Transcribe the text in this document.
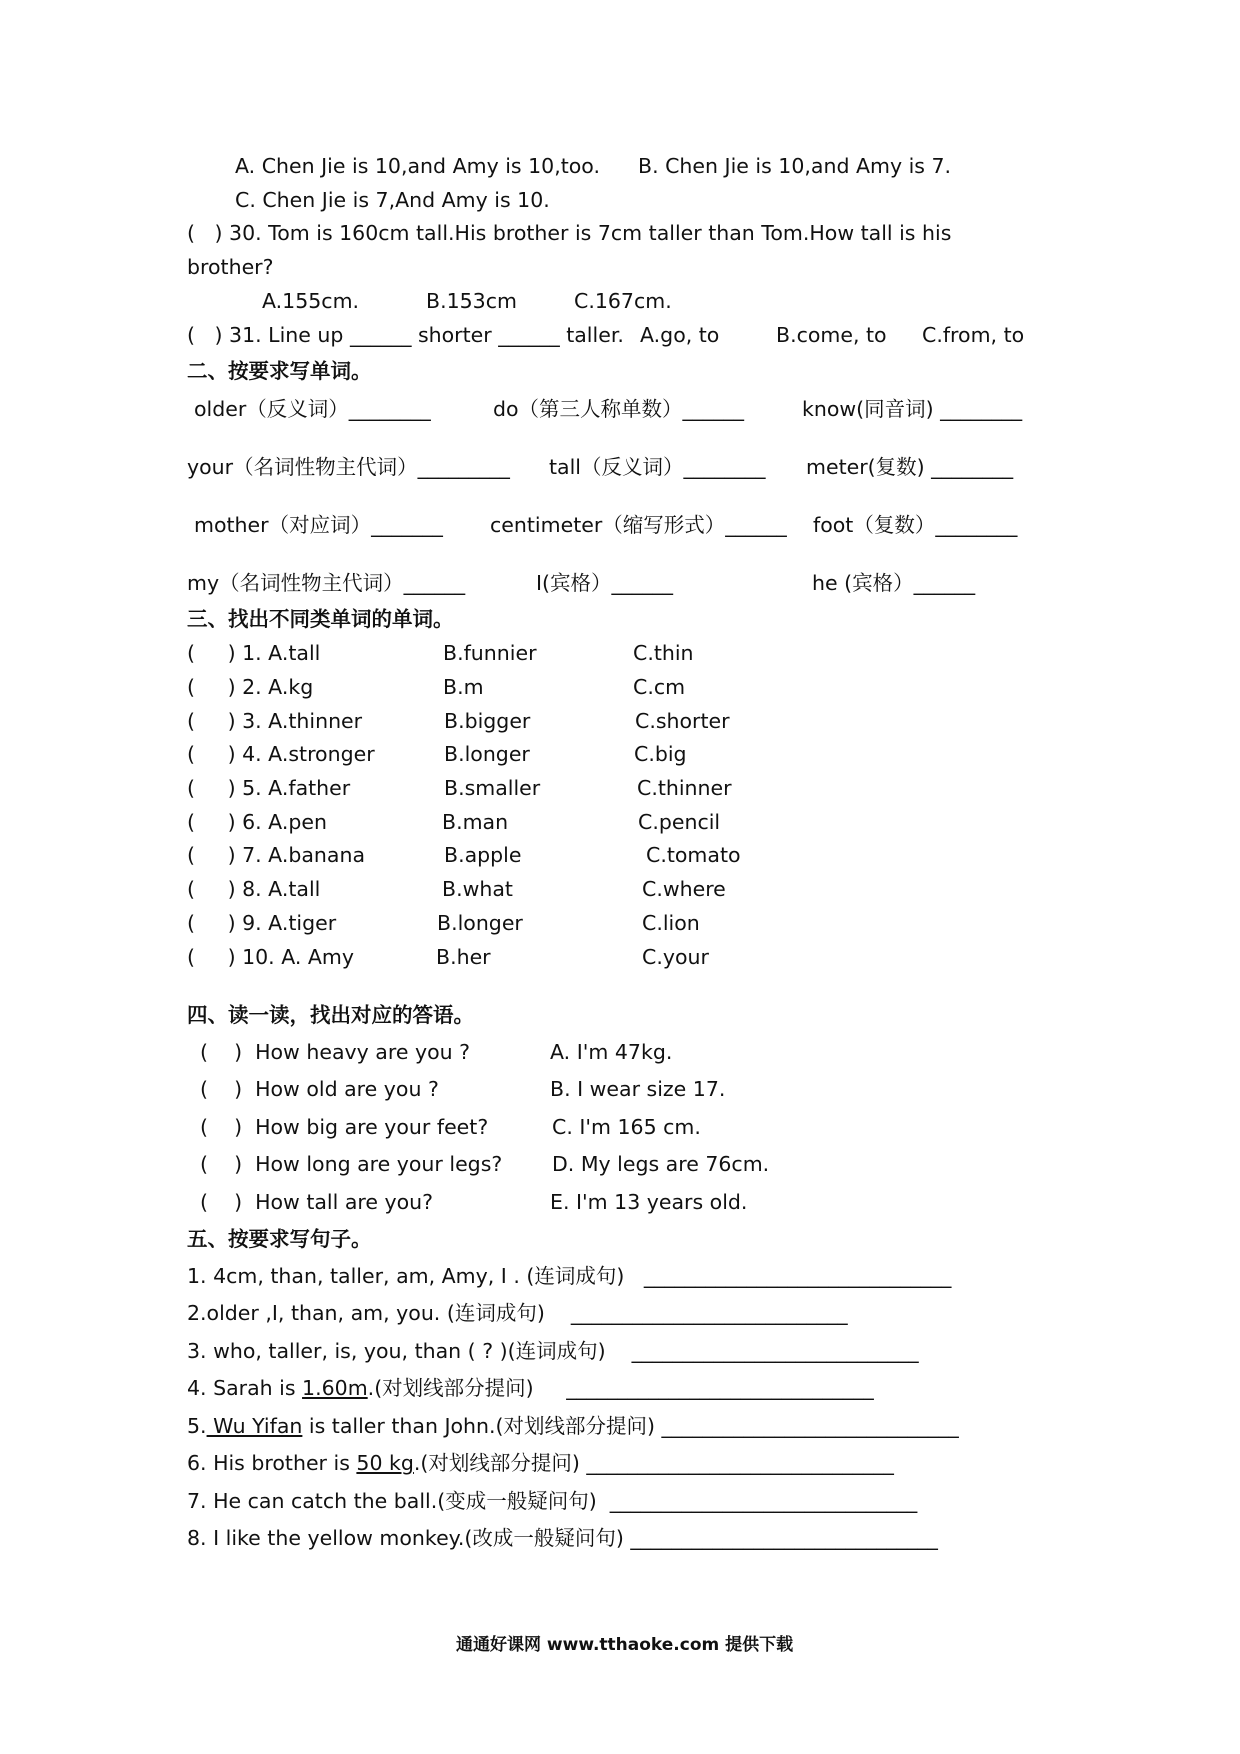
A. Chen Jie is 10,and Amy is 10,too. B. Chen Jie is 10,and Amy is 7.
C. Chen Jie is 7,And Amy is 10.
(   ) 30. Tom is 160cm tall.His brother is 7cm taller than Tom.How tall is his
brother?
A.155cm.	B.153cm	C.167cm.
(   ) 31. Line up ______ shorter ______ taller. A.go, to	B.come, to C.from, to
二、按要求写单词。
older（反义词）________	do（第三人称单数）______	know(同音词) ________
your（名词性物主代词）_________ tall（反义词）________ meter(复数) ________
mother（对应词）_______ centimeter（缩写形式）______ foot（复数）________
my（名词性物主代词）______	I(宾格）______	he (宾格）______
三、找出不同类单词的单词。
(     ) 1. A.tall	B.funnier	C.thin
(     ) 2. A.kg	B.m	C.cm
(     ) 3. A.thinner	B.bigger	C.shorter
(     ) 4. A.stronger	B.longer	C.big
(     ) 5. A.father	B.smaller	C.thinner
(     ) 6. A.pen	B.man	C.pencil
(     ) 7. A.banana	B.apple	C.tomato
(     ) 8. A.tall	B.what	C.where
(     ) 9. A.tiger	B.longer	C.lion
(     ) 10. A. Amy	B.her	C.your
四、读一读，找出对应的答语。
(    )  How heavy are you ?	A. I'm 47kg.
(    )  How old are you ?	B. I wear size 17.
(    )  How big are your feet?	C. I'm 165 cm.
(    )  How long are your legs? D. My legs are 76cm.
(    )  How tall are you?	E. I'm 13 years old.
五、按要求写句子。
1. 4cm, than, taller, am, Amy, I . (连词成句)   ______________________________
2.older ,I, than, am, you. (连词成句)    ___________________________
3. who, taller, is, you, than ( ? )(连词成句)    ____________________________
4. Sarah is 1.60m.(对划线部分提问)     ______________________________
5. Wu Yifan is taller than John.(对划线部分提问) _____________________________
6. His brother is 50 kg.(对划线部分提问) ______________________________
7. He can catch the ball.(变成一般疑问句)  ______________________________
8. I like the yellow monkey.(改成一般疑问句) ______________________________
通通好课网 www.tthaoke.com 提供下载
